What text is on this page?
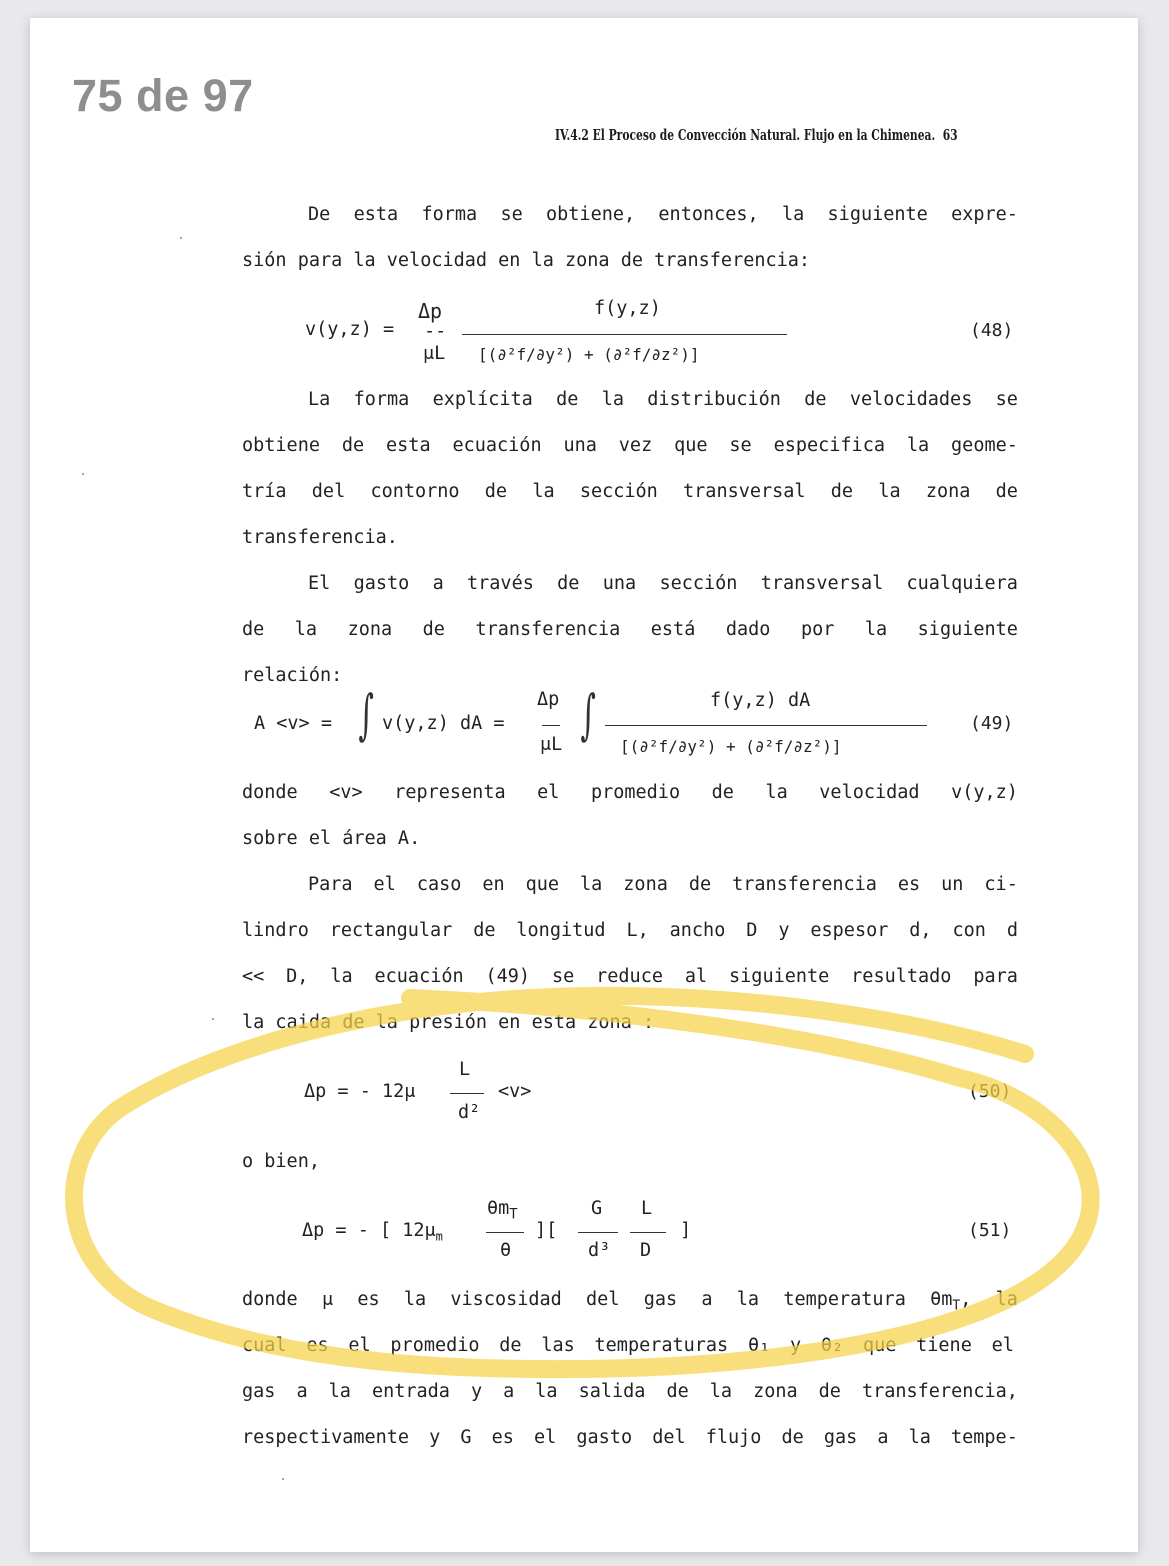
75 de 97
IV.4.2 El Proceso de Convección Natural. Flujo en la Chimenea. 63
De esta forma se obtiene, entonces, la siguiente expre-
sión para la velocidad en la zona de transferencia:
v(y,z) =
Δp
--
μL
f(y,z)
[(∂²f/∂y²) + (∂²f/∂z²)]
(48)
La forma explícita de la distribución de velocidades se
obtiene de esta ecuación una vez que se especifica la geome-
tría del contorno de la sección transversal de la zona de
transferencia.
El gasto a través de una sección transversal cualquiera
de la zona de transferencia está dado por la siguiente
relación:
A <v> = ∫ v(y,z) dA =
Δp
μL ∫	f(y,z) dA
[(∂²f/∂y²) + (∂²f/∂z²)]
(49)
donde <v> representa el promedio de la velocidad v(y,z)
sobre el área A.
Para el caso en que la zona de transferencia es un ci-
lindro rectangular de longitud L, ancho D y espesor d, con d
<< D, la ecuación (49) se reduce al siguiente resultado para
la caida de la presión en esta zona :
Δp = - 12μ
L
d²
<v>	(50)
o bien,
Δp = - [ $12\mu_m$
$\theta m_T$
θ
][
G
d³
L
D
]	(51)
donde μ es la viscosidad del gas a la temperatura $\theta m_T$, la
cual es el promedio de las temperaturas θ₁ y θ₂ que tiene el
gas a la entrada y a la salida de la zona de transferencia,
respectivamente y G es el gasto del flujo de gas a la tempe-
